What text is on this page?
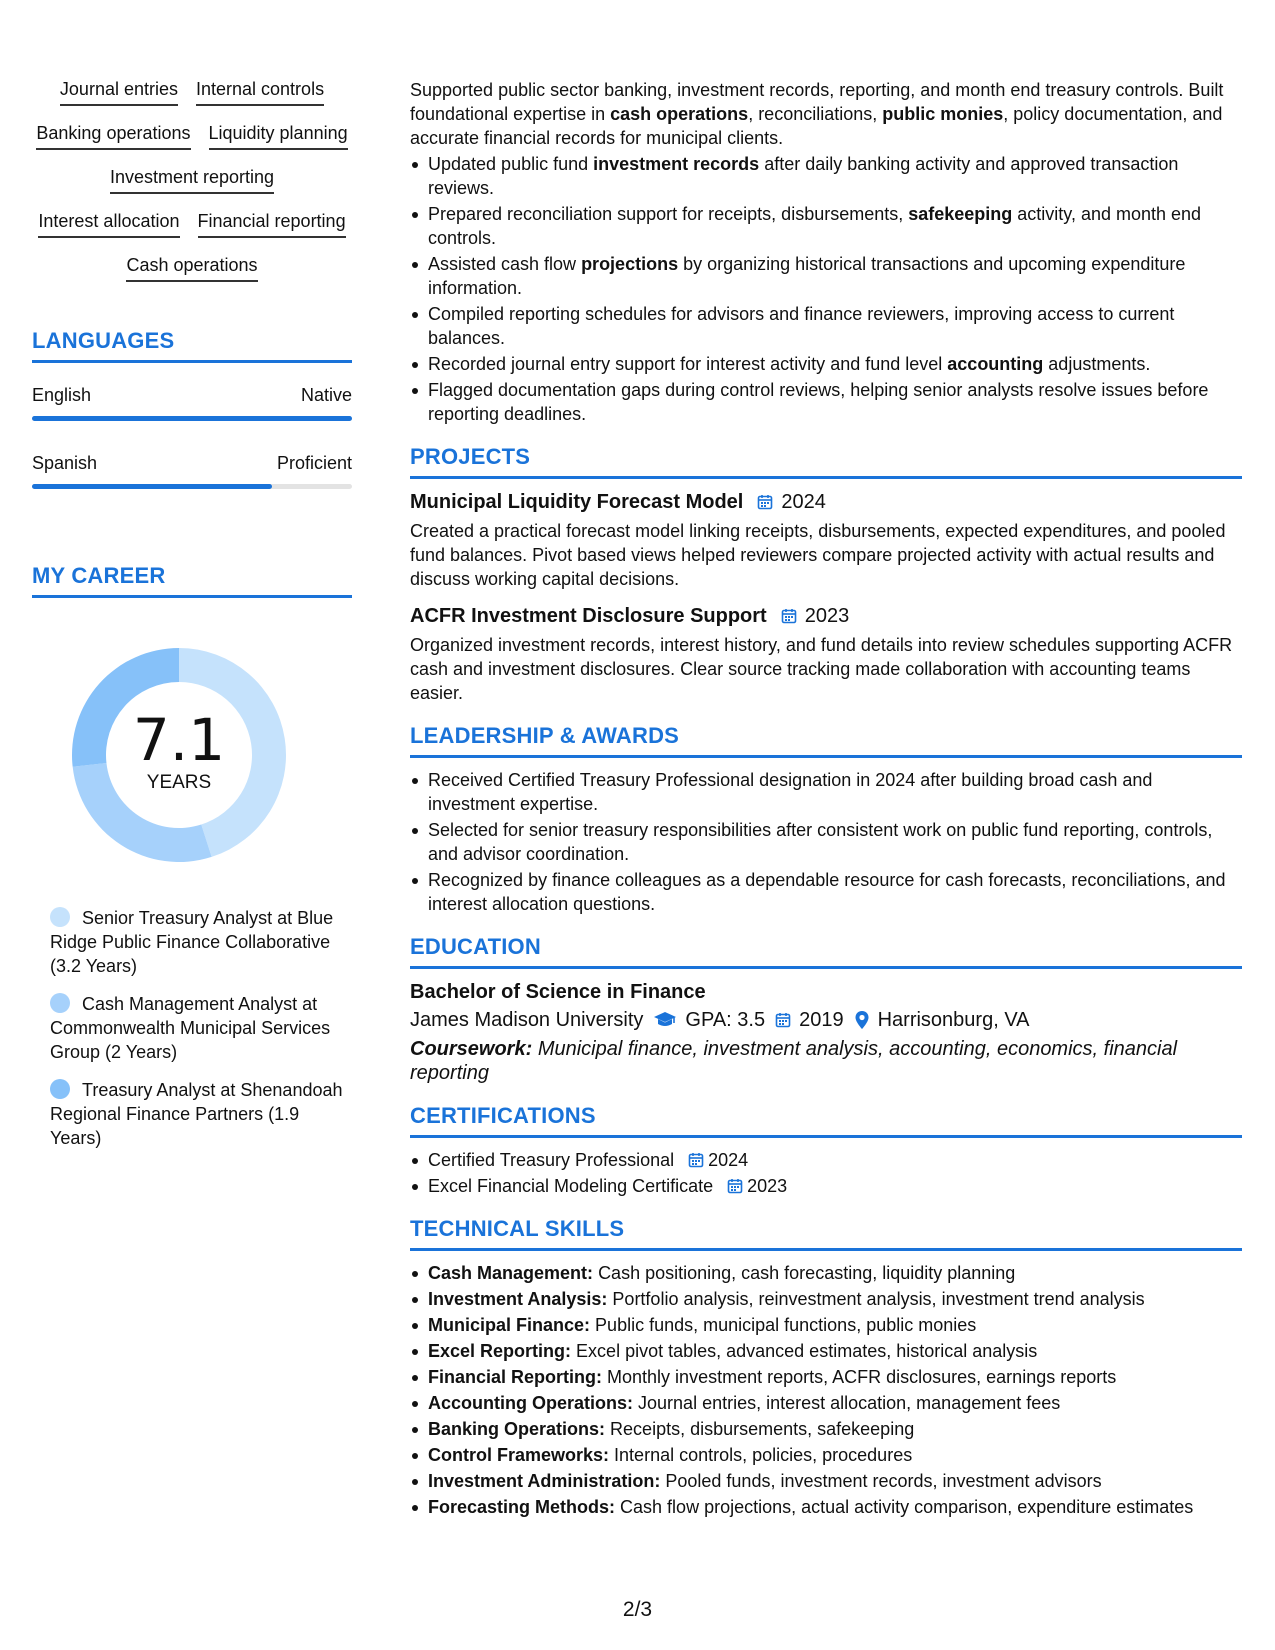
Journal entries Internal controls
Banking operations Liquidity planning
Investment reporting
Interest allocation Financial reporting
Cash operations
LANGUAGES
English	Native
Spanish	Proficient
MY CAREER
7.1
YEARS
Senior Treasury Analyst at Blue Ridge Public Finance Collaborative (3.2 Years)
Cash Management Analyst at Commonwealth Municipal Services Group (2 Years)
Treasury Analyst at Shenandoah Regional Finance Partners (1.9 Years)

Supported public sector banking, investment records, reporting, and month end treasury controls. Built foundational expertise in cash operations, reconciliations, public monies, policy documentation, and accurate financial records for municipal clients.

Updated public fund investment records after daily banking activity and approved transaction reviews.
Prepared reconciliation support for receipts, disbursements, safekeeping activity, and month end controls.
Assisted cash flow projections by organizing historical transactions and upcoming expenditure information.
Compiled reporting schedules for advisors and finance reviewers, improving access to current balances.
Recorded journal entry support for interest activity and fund level accounting adjustments.
Flagged documentation gaps during control reviews, helping senior analysts resolve issues before reporting deadlines.
PROJECTS
Municipal Liquidity Forecast Model 2024

Created a practical forecast model linking receipts, disbursements, expected expenditures, and pooled fund balances. Pivot based views helped reviewers compare projected activity with actual results and discuss working capital decisions.

ACFR Investment Disclosure Support 2023

Organized investment records, interest history, and fund details into review schedules supporting ACFR cash and investment disclosures. Clear source tracking made collaboration with accounting teams easier.

LEADERSHIP & AWARDS
Received Certified Treasury Professional designation in 2024 after building broad cash and investment expertise.
Selected for senior treasury responsibilities after consistent work on public fund reporting, controls, and advisor coordination.
Recognized by finance colleagues as a dependable resource for cash forecasts, reconciliations, and interest allocation questions.
EDUCATION
Bachelor of Science in Finance
James Madison University GPA: 3.5 2019 Harrisonburg, VA
Coursework: Municipal finance, investment analysis, accounting, economics, financial reporting
CERTIFICATIONS
Certified Treasury Professional 2024
Excel Financial Modeling Certificate 2023
TECHNICAL SKILLS
Cash Management: Cash positioning, cash forecasting, liquidity planning
Investment Analysis: Portfolio analysis, reinvestment analysis, investment trend analysis
Municipal Finance: Public funds, municipal functions, public monies
Excel Reporting: Excel pivot tables, advanced estimates, historical analysis
Financial Reporting: Monthly investment reports, ACFR disclosures, earnings reports
Accounting Operations: Journal entries, interest allocation, management fees
Banking Operations: Receipts, disbursements, safekeeping
Control Frameworks: Internal controls, policies, procedures
Investment Administration: Pooled funds, investment records, investment advisors
Forecasting Methods: Cash flow projections, actual activity comparison, expenditure estimates
2/3
